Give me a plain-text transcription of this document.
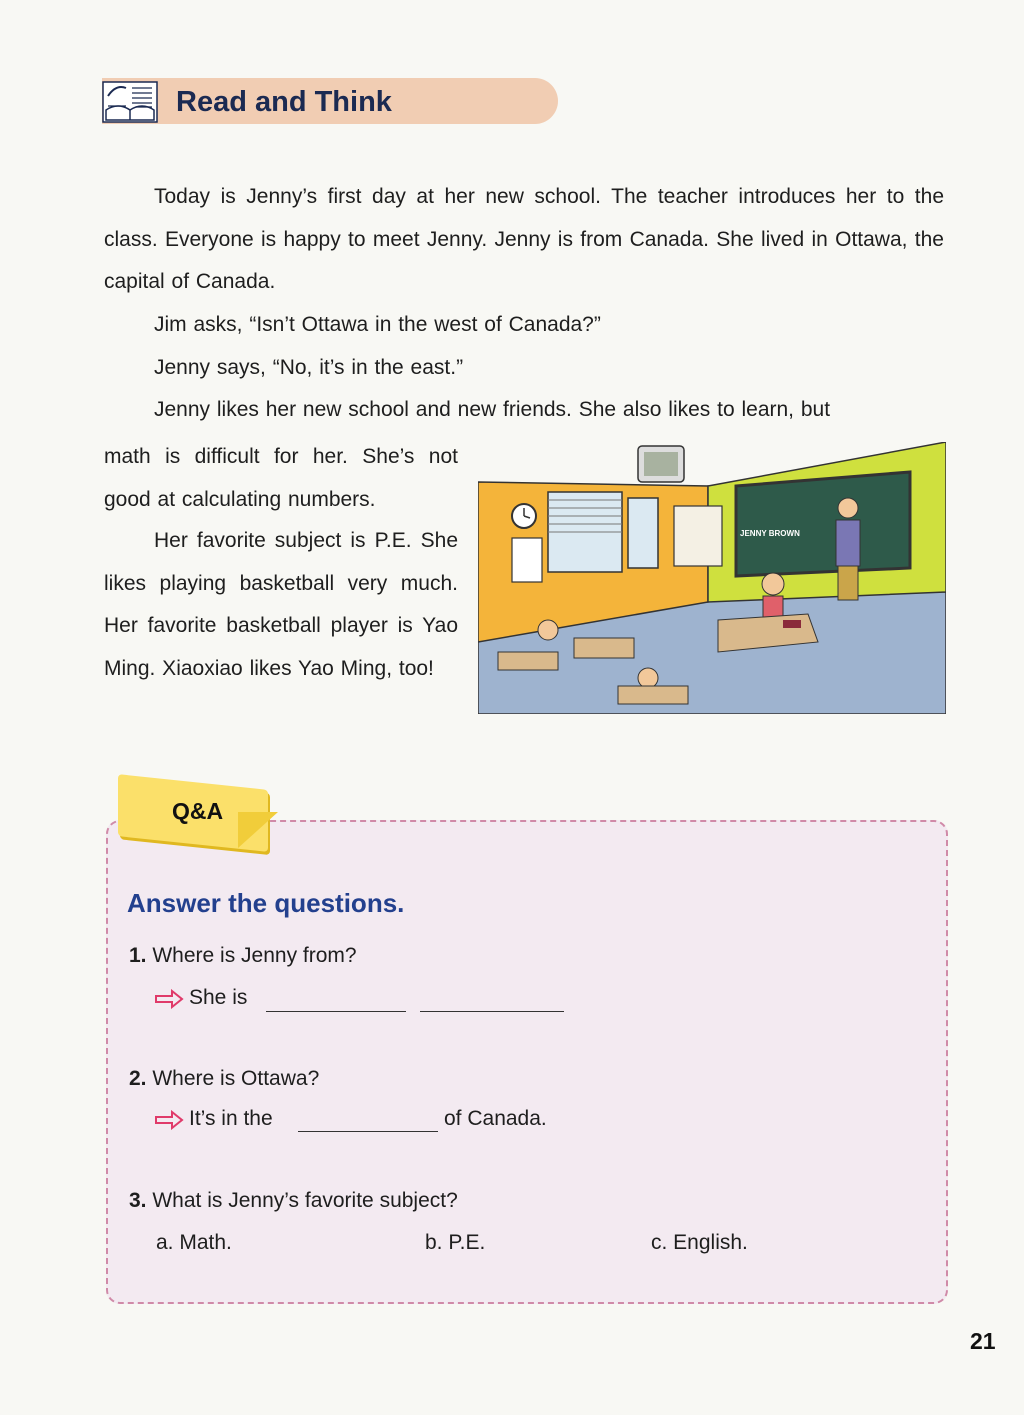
Read and Think
Today is Jenny’s first day at her new school. The teacher introduces her to the class. Everyone is happy to meet Jenny. Jenny is from Canada. She lived in Ottawa, the capital of Canada.
Jim asks, “Isn’t Ottawa in the west of Canada?”
Jenny says, “No, it’s in the east.”
Jenny likes her new school and new friends. She also likes to learn, but
math is difficult for her. She’s not good at calculating numbers.
Her favorite subject is P.E. She likes playing basketball very much. Her favorite basketball player is Yao Ming. Xiaoxiao likes Yao Ming, too!
JENNY BROWN
Q&A
Answer the questions.
1. Where is Jenny from?
She is
2. Where is Ottawa?
It’s in the	of Canada.
3. What is Jenny’s favorite subject?
a. Math.	b. P.E.	c. English.
21
